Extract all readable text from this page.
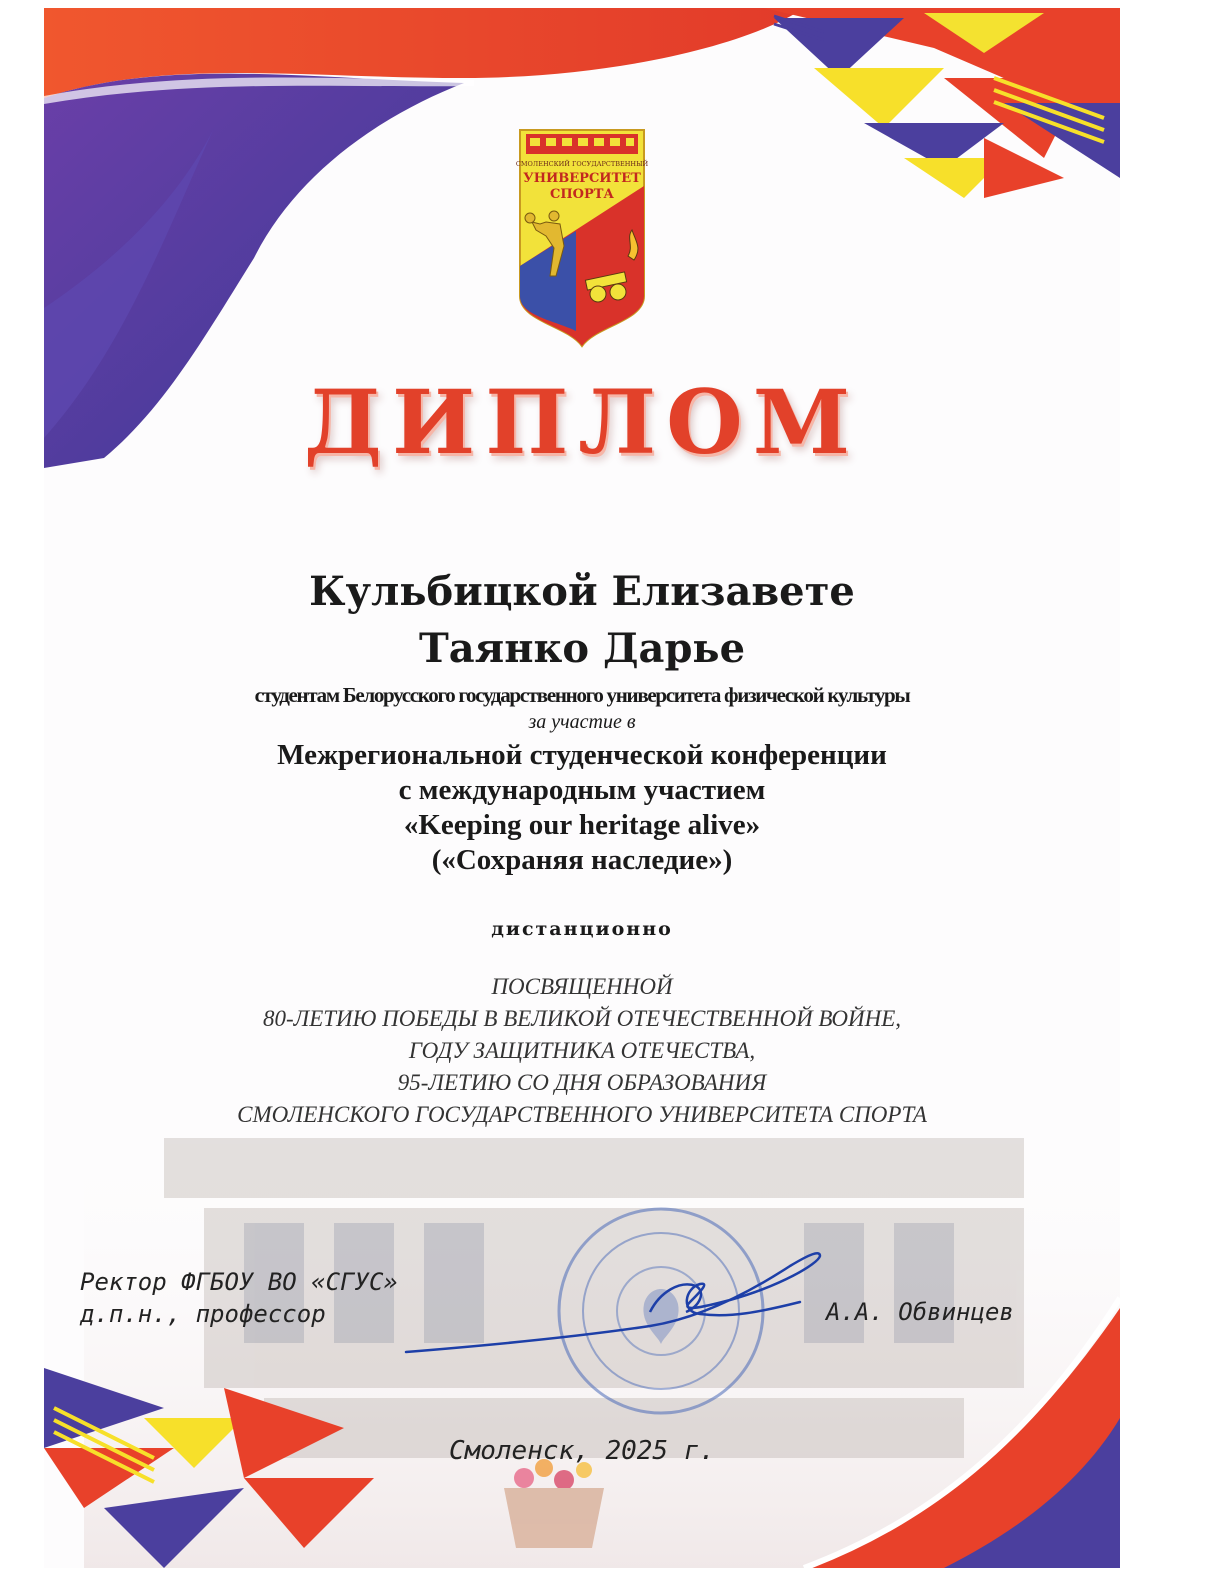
СМОЛЕНСКИЙ ГОСУДАРСТВЕННЫЙ
УНИВЕРСИТЕТ
СПОРТА
ДИПЛОМ
Кульбицкой Елизавете
Таянко Дарье
студентам Белорусского государственного университета физической культуры
за участие в
Межрегиональной студенческой конференции
с международным участием
«Keeping our heritage alive»
(«Сохраняя наследие»)
дистанционно
ПОСВЯЩЕННОЙ
80-ЛЕТИЮ ПОБЕДЫ В ВЕЛИКОЙ ОТЕЧЕСТВЕННОЙ ВОЙНЕ,
ГОДУ ЗАЩИТНИКА ОТЕЧЕСТВА,
95-ЛЕТИЮ СО ДНЯ ОБРАЗОВАНИЯ
СМОЛЕНСКОГО ГОСУДАРСТВЕННОГО УНИВЕРСИТЕТА СПОРТА
Ректор ФГБОУ ВО «СГУС»
д.п.н., профессор	А.А. Обвинцев
Смоленск, 2025 г.
